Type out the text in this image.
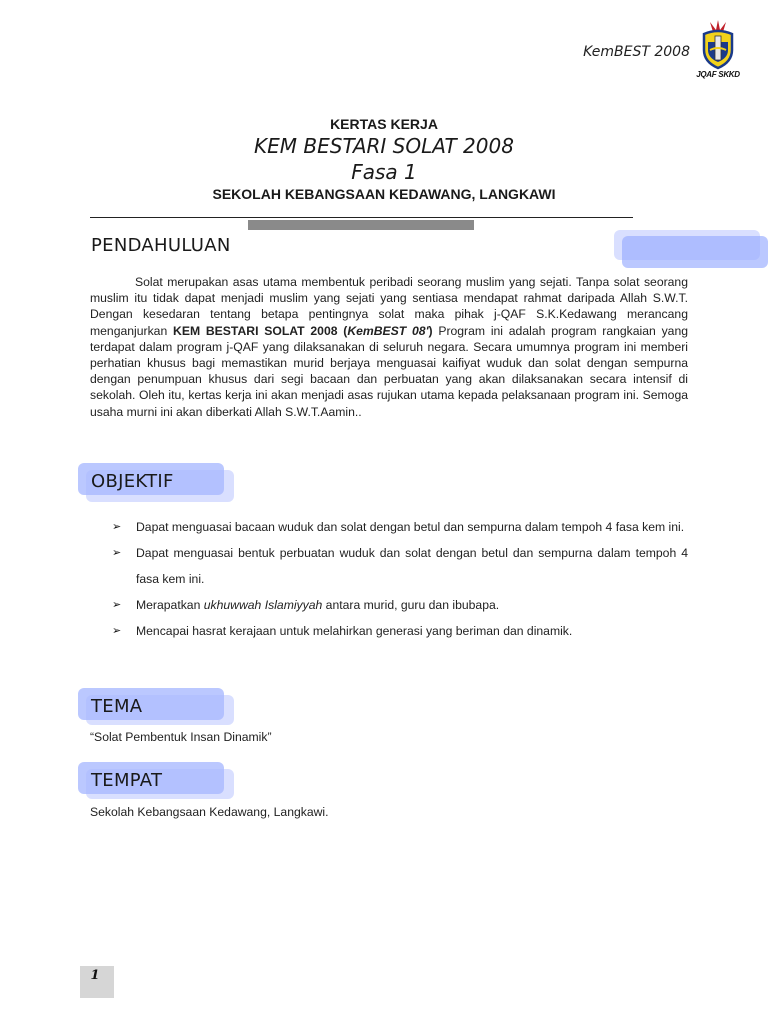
KemBEST 2008
JQAF SKKD
KERTAS KERJA
KEM BESTARI SOLAT 2008
Fasa 1
SEKOLAH KEBANGSAAN KEDAWANG, LANGKAWI
PENDAHULUAN
Solat merupakan asas utama membentuk peribadi seorang muslim yang sejati. Tanpa solat seorang muslim itu tidak dapat menjadi muslim yang sejati yang sentiasa mendapat rahmat daripada Allah S.W.T. Dengan kesedaran tentang betapa pentingnya solat maka pihak j-QAF S.K.Kedawang merancang menganjurkan KEM BESTARI SOLAT 2008 (KemBEST 08') Program ini adalah program rangkaian yang terdapat dalam program j-QAF yang dilaksanakan di seluruh negara. Secara umumnya program ini memberi perhatian khusus bagi memastikan murid berjaya menguasai kaifiyat wuduk dan solat dengan sempurna dengan penumpuan khusus dari segi bacaan dan perbuatan yang akan dilaksanakan secara intensif di sekolah. Oleh itu, kertas kerja ini akan menjadi asas rujukan utama kepada pelaksanaan program ini. Semoga usaha murni ini akan diberkati Allah S.W.T.Aamin..
OBJEKTIF
➢ Dapat menguasai bacaan wuduk dan solat dengan betul dan sempurna dalam tempoh 4 fasa kem ini.
➢ Dapat menguasai bentuk perbuatan wuduk dan solat dengan betul dan sempurna dalam tempoh 4 fasa kem ini.
➢ Merapatkan ukhuwwah Islamiyyah antara murid, guru dan ibubapa.
➢ Mencapai hasrat kerajaan untuk melahirkan generasi yang beriman dan dinamik.
TEMA
“Solat Pembentuk Insan Dinamik”
TEMPAT
Sekolah Kebangsaan Kedawang, Langkawi.
1
